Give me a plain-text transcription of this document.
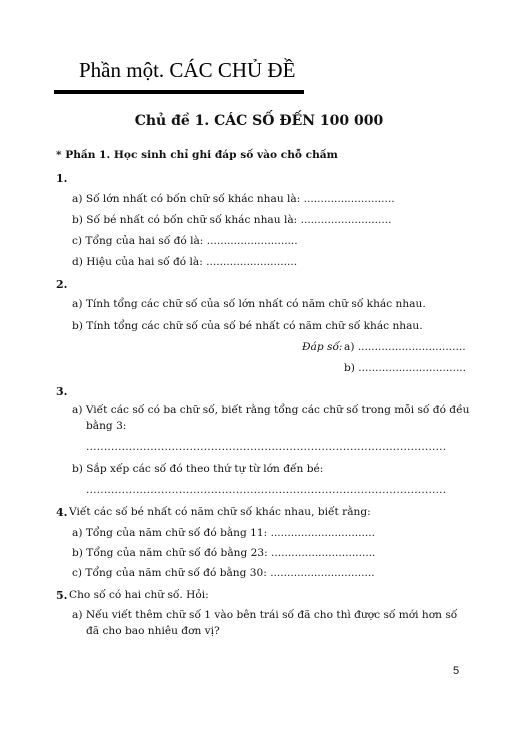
Phần một. CÁC CHỦ ĐỀ
Chủ đề 1. CÁC SỐ ĐẾN 100 000
* Phần 1. Học sinh chỉ ghi đáp số vào chỗ chấm
1.
a) Số lớn nhất có bốn chữ số khác nhau là: ...........................
b) Số bé nhất có bốn chữ số khác nhau là: ...........................
c) Tổng của hai số đó là: ...........................
d) Hiệu của hai số đó là: ...........................
2.
a) Tính tổng các chữ số của số lớn nhất có năm chữ số khác nhau.
b) Tính tổng các chữ số của số bé nhất có năm chữ số khác nhau.
Đáp số: a) ................................
b) ................................
3.
a) Viết các số có ba chữ số, biết rằng tổng các chữ số trong mỗi số đó đều
bằng 3:
.....................................................................................................
b) Sắp xếp các số đó theo thứ tự từ lớn đến bé:
.....................................................................................................
4. Viết các số bé nhất có năm chữ số khác nhau, biết rằng:
a) Tổng của năm chữ số đó bằng 11: ...............................
b) Tổng của năm chữ số đó bằng 23: ...............................
c) Tổng của năm chữ số đó bằng 30: ...............................
5. Cho số có hai chữ số. Hỏi:
a) Nếu viết thêm chữ số 1 vào bên trái số đã cho thì được số mới hơn số
đã cho bao nhiêu đơn vị?
5
